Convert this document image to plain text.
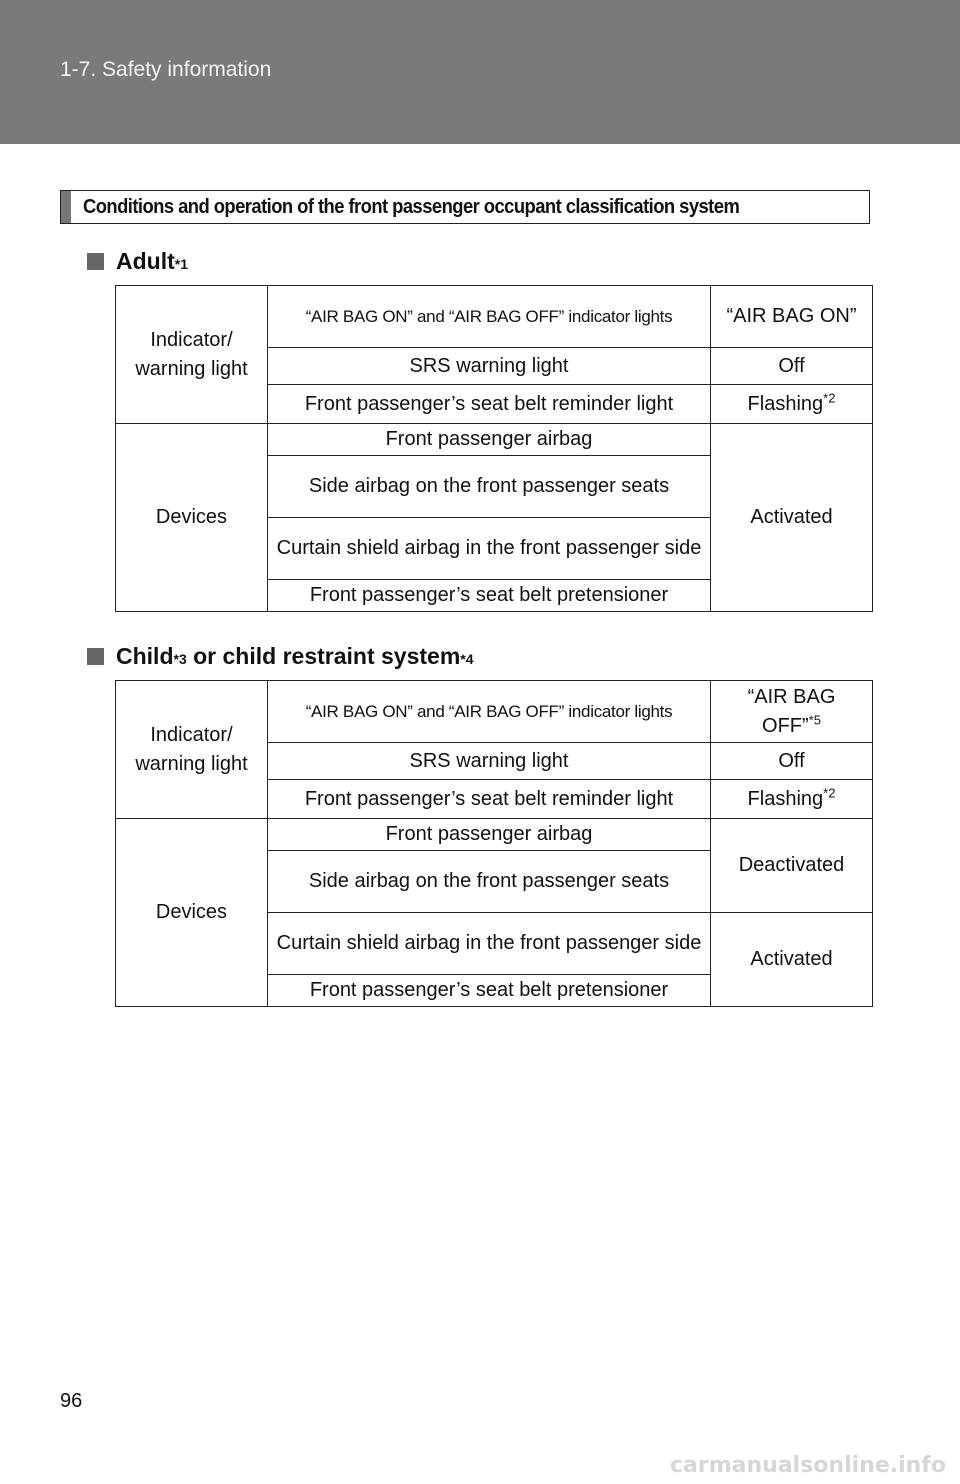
1-7. Safety information
Conditions and operation of the front passenger occupant classification system
Adult *1
Indicator/ warning light	“AIR BAG ON” and “AIR BAG OFF” indicator lights	“AIR BAG ON”
	SRS warning light	Off
	Front passenger’s seat belt reminder light	Flashing$^{*2}$
Devices	Front passenger airbag	Activated
	Side airbag on the front passenger seats	
	Curtain shield airbag in the front passenger side	
	Front passenger’s seat belt pretensioner	
Child *3 or child restraint system *4
Indicator/ warning light	“AIR BAG ON” and “AIR BAG OFF” indicator lights	“AIR BAG OFF”$^{*5}$
	SRS warning light	Off
	Front passenger’s seat belt reminder light	Flashing$^{*2}$
Devices	Front passenger airbag	Deactivated
	Side airbag on the front passenger seats	
	Curtain shield airbag in the front passenger side	Activated
	Front passenger’s seat belt pretensioner	
96
carmanualsonline.info
